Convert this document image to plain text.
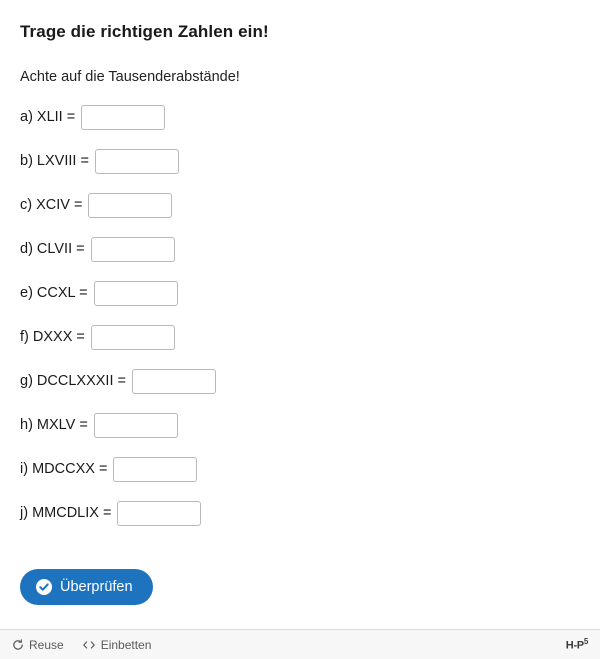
Trage die richtigen Zahlen ein!

Achte auf die Tausenderabstände!

a) XLII =
b) LXVIII =
c) XCIV =
d) CLVII =
e) CCXL =
f) DXXX =
g) DCCLXXXII =
h) MXLV =
i) MDCCXX =
j) MMCDLIX =
Überprüfen
Reuse	Einbetten	$H-P^5$
